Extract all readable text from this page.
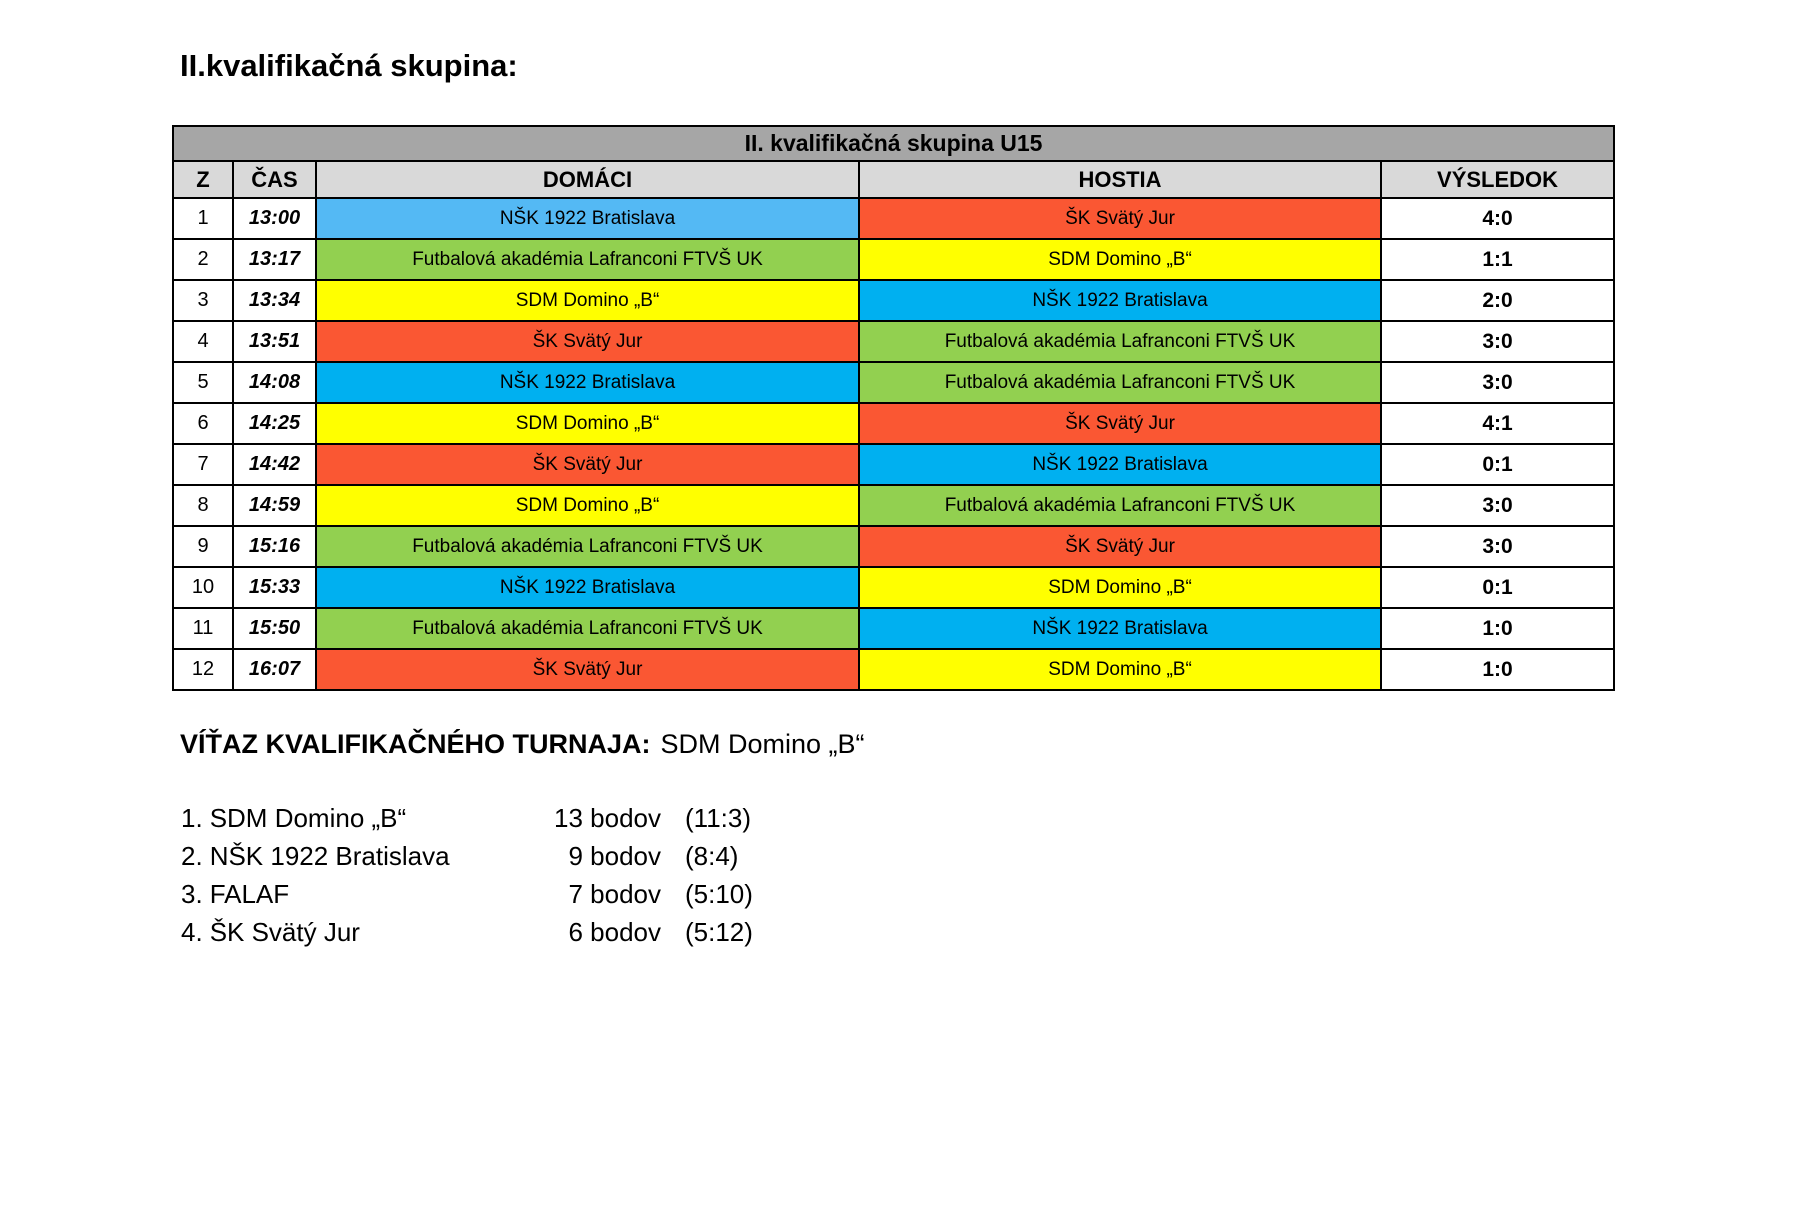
II.kvalifikačná skupina:
II. kvalifikačná skupina U15				
Z	ČAS	DOMÁCI	HOSTIA	VÝSLEDOK
1	13:00	NŠK 1922 Bratislava	ŠK Svätý Jur	4:0
2	13:17	Futbalová akadémia Lafranconi FTVŠ UK	SDM Domino „B“	1:1
3	13:34	SDM Domino „B“	NŠK 1922 Bratislava	2:0
4	13:51	ŠK Svätý Jur	Futbalová akadémia Lafranconi FTVŠ UK	3:0
5	14:08	NŠK 1922 Bratislava	Futbalová akadémia Lafranconi FTVŠ UK	3:0
6	14:25	SDM Domino „B“	ŠK Svätý Jur	4:1
7	14:42	ŠK Svätý Jur	NŠK 1922 Bratislava	0:1
8	14:59	SDM Domino „B“	Futbalová akadémia Lafranconi FTVŠ UK	3:0
9	15:16	Futbalová akadémia Lafranconi FTVŠ UK	ŠK Svätý Jur	3:0
10	15:33	NŠK 1922 Bratislava	SDM Domino „B“	0:1
11	15:50	Futbalová akadémia Lafranconi FTVŠ UK	NŠK 1922 Bratislava	1:0
12	16:07	ŠK Svätý Jur	SDM Domino „B“	1:0

VÍŤAZ KVALIFIKAČNÉHO TURNAJA: SDM Domino „B“

1. SDM Domino „B“	13 bodov (11:3)
2. NŠK 1922 Bratislava	9 bodov (8:4)
3. FALAF	7 bodov (5:10)
4. ŠK Svätý Jur	6 bodov (5:12)
